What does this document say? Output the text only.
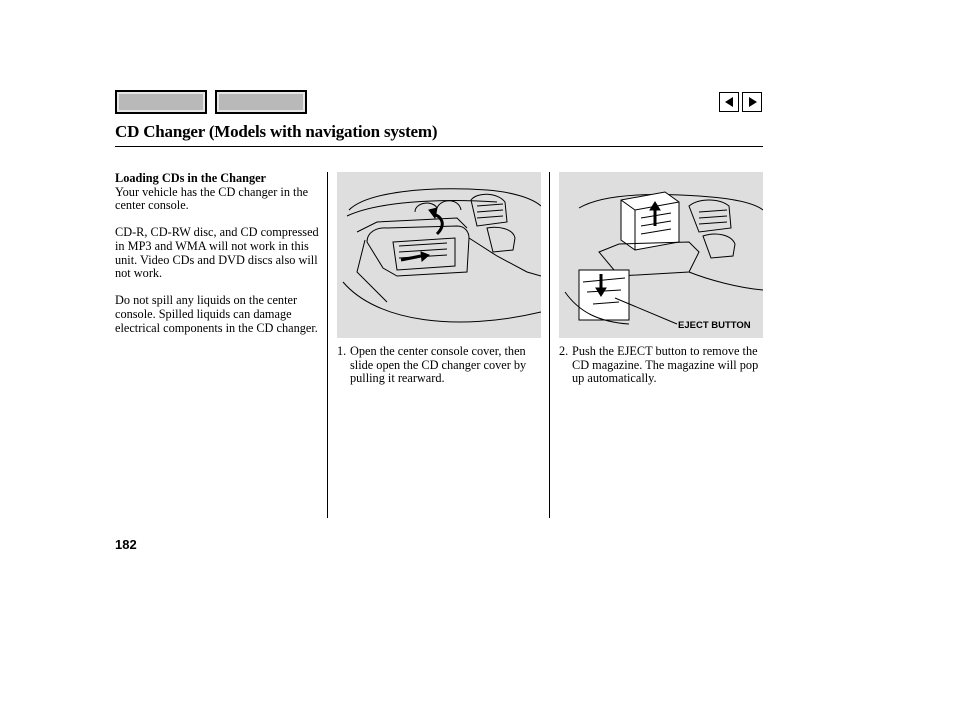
CD Changer (Models with navigation system)
Loading CDs in the Changer

Your vehicle has the CD changer in the center console.

CD-R, CD-RW disc, and CD compressed in MP3 and WMA will not work in this unit. Video CDs and DVD discs also will not work.

Do not spill any liquids on the center console. Spilled liquids can damage electrical components in the CD changer.	EJECT BUTTON
1. Open the center console cover, then slide open the CD changer cover by pulling it rearward.
2. Push the EJECT button to remove the CD magazine. The magazine will pop up automatically.
182
